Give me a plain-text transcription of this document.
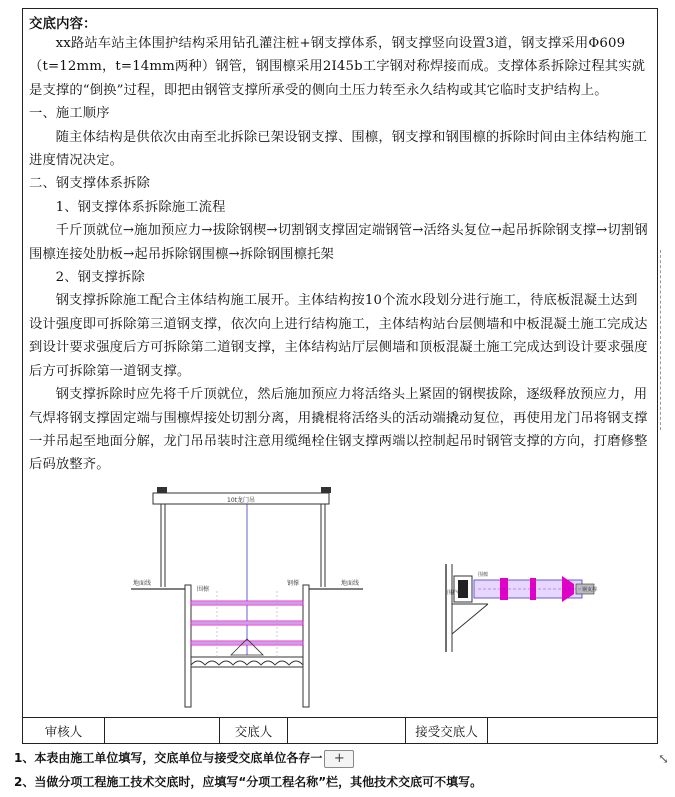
交底内容：

xx路站车站主体围护结构采用钻孔灌注桩+钢支撑体系，钢支撑竖向设置3道，钢支撑采用Φ609（t=12mm，t=14mm两种）钢管，钢围檩采用2I45b工字钢对称焊接而成。支撑体系拆除过程其实就是支撑的“倒换”过程，即把由钢管支撑所承受的侧向土压力转至永久结构或其它临时支护结构上。

一、施工顺序

随主体结构是供依次由南至北拆除已架设钢支撑、围檩，钢支撑和钢围檩的拆除时间由主体结构施工进度情况决定。

二、钢支撑体系拆除

1、钢支撑体系拆除施工流程

千斤顶就位→施加预应力→拔除钢楔→切割钢支撑固定端钢管→活络头复位→起吊拆除钢支撑→切割钢围檩连接处肋板→起吊拆除钢围檩→拆除钢围檩托架

2、钢支撑拆除

钢支撑拆除施工配合主体结构施工展开。主体结构按10个流水段划分进行施工，待底板混凝土达到设计强度即可拆除第三道钢支撑，依次向上进行结构施工，主体结构站台层侧墙和中板混凝土施工完成达到设计要求强度后方可拆除第二道钢支撑，主体结构站厅层侧墙和顶板混凝土施工完成达到设计要求强度后方可拆除第一道钢支撑。

钢支撑拆除时应先将千斤顶就位，然后施加预应力将活络头上紧固的钢楔拔除，逐级释放预应力，用气焊将钢支撑固定端与围檩焊接处切割分离，用撬棍将活络头的活动端撬动复位，再使用龙门吊将钢支撑一并吊起至地面分解，龙门吊吊装时注意用缆绳栓住钢支撑两端以控制起吊时钢管支撑的方向，打磨修整后码放整齐。

10t龙门吊
地面线	地面线
围檩
钢撑
围护桩
围檩
钢支撑
审核人	交底人	接受交底人
1、本表由施工单位填写，交底单位与接受交底单位各存一 +
2、当做分项工程施工技术交底时，应填写“分项工程名称”栏，其他技术交底可不填写。
⤡
